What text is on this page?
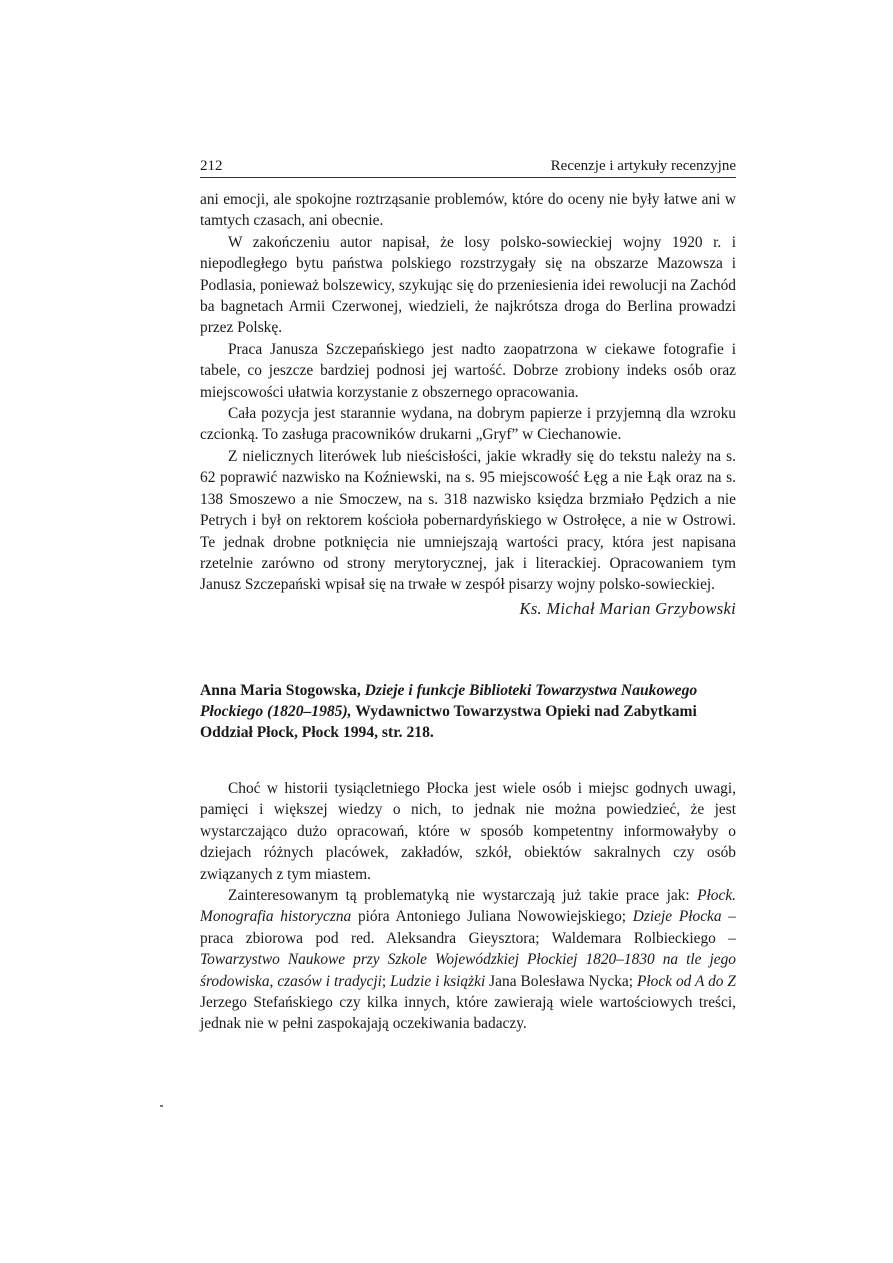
212	Recenzje i artykuły recenzyjne

ani emocji, ale spokojne roztrząsanie problemów, które do oceny nie były łatwe ani w tamtych czasach, ani obecnie.

W zakończeniu autor napisał, że losy polsko-sowieckiej wojny 1920 r. i niepodległego bytu państwa polskiego rozstrzygały się na obszarze Mazowsza i Podlasia, ponieważ bolszewicy, szykując się do przeniesienia idei rewolucji na Zachód ba bagnetach Armii Czerwonej, wiedzieli, że najkrótsza droga do Berlina prowadzi przez Polskę.

Praca Janusza Szczepańskiego jest nadto zaopatrzona w ciekawe fotografie i tabele, co jeszcze bardziej podnosi jej wartość. Dobrze zrobiony indeks osób oraz miejscowości ułatwia korzystanie z obszernego opracowania.

Cała pozycja jest starannie wydana, na dobrym papierze i przyjemną dla wzroku czcionką. To zasługa pracowników drukarni „Gryf” w Ciechanowie.

Z nielicznych literówek lub nieścisłości, jakie wkradły się do tekstu należy na s. 62 poprawić nazwisko na Koźniewski, na s. 95 miejscowość Łęg a nie Łąk oraz na s. 138 Smoszewo a nie Smoczew, na s. 318 nazwisko księdza brzmiało Pędzich a nie Petrych i był on rektorem kościoła pobernardyńskiego w Ostrołęce, a nie w Ostrowi. Te jednak drobne potknięcia nie umniejszają wartości pracy, która jest napisana rzetelnie zarówno od strony merytorycznej, jak i literackiej. Opracowaniem tym Janusz Szczepański wpisał się na trwałe w zespół pisarzy wojny polsko-sowieckiej.

Ks. Michał Marian Grzybowski
Anna Maria Stogowska, Dzieje i funkcje Biblioteki Towarzystwa Naukowego Płockiego (1820–1985), Wydawnictwo Towarzystwa Opieki nad Zabytkami Oddział Płock, Płock 1994, str. 218.

Choć w historii tysiącletniego Płocka jest wiele osób i miejsc godnych uwagi, pamięci i większej wiedzy o nich, to jednak nie można powiedzieć, że jest wystarczająco dużo opracowań, które w sposób kompetentny informowałyby o dziejach różnych placówek, zakładów, szkół, obiektów sakralnych czy osób związanych z tym miastem.

Zainteresowanym tą problematyką nie wystarczają już takie prace jak: Płock. Monografia historyczna pióra Antoniego Juliana Nowowiejskiego; Dzieje Płocka – praca zbiorowa pod red. Aleksandra Gieysztora; Waldemara Rolbieckiego – Towarzystwo Naukowe przy Szkole Wojewódzkiej Płockiej 1820–1830 na tle jego środowiska, czasów i tradycji; Ludzie i książki Jana Bolesława Nycka; Płock od A do Z Jerzego Stefańskiego czy kilka innych, które zawierają wiele wartościowych treści, jednak nie w pełni zaspokajają oczekiwania badaczy.
